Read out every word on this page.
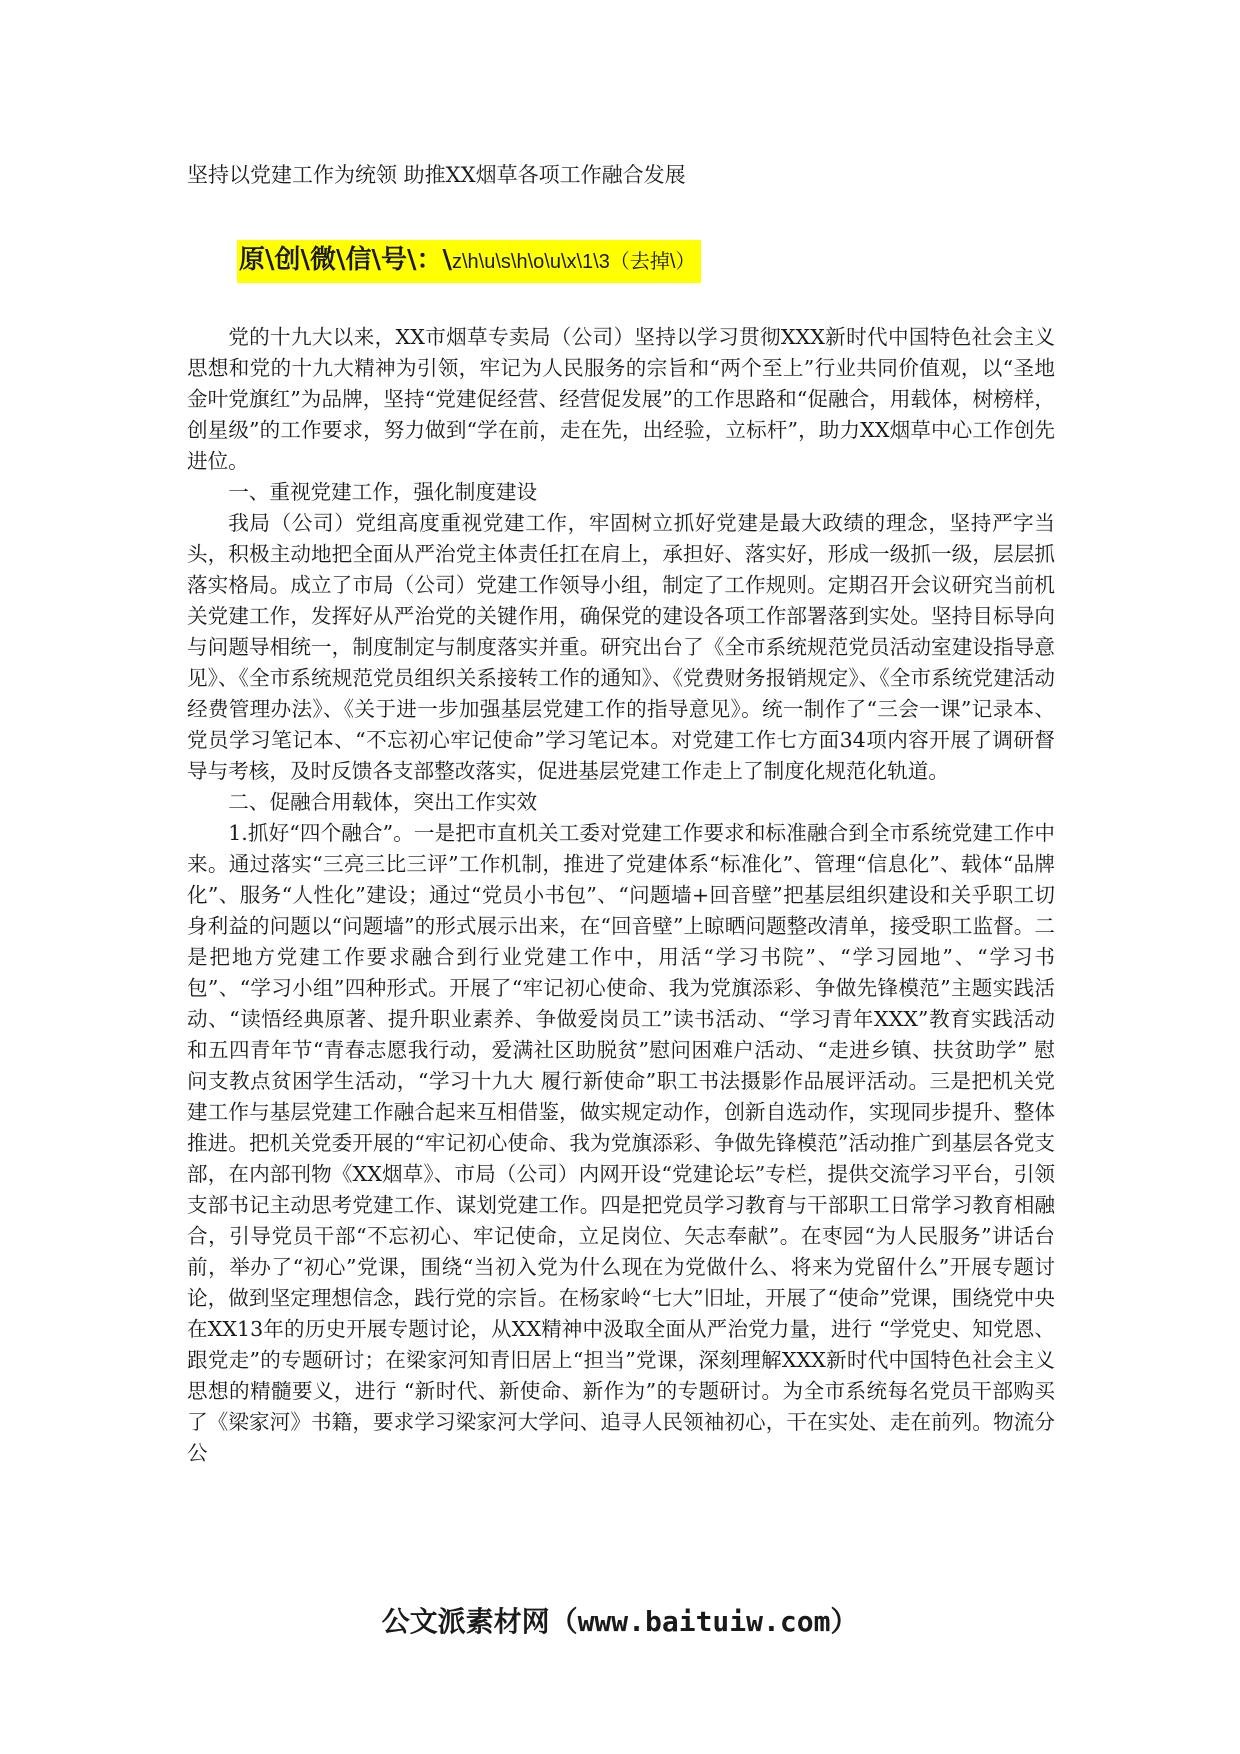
坚持以党建工作为统领 助推XX烟草各项工作融合发展
原\创\微\信\号\：\z\h\u\s\h\o\u\x\1\3（去掉\）

党的十九大以来，XX市烟草专卖局（公司）坚持以学习贯彻XXX新时代中国特色社会主义思想和党的十九大精神为引领，牢记为人民服务的宗旨和“两个至上”行业共同价值观，以“圣地金叶党旗红”为品牌，坚持“党建促经营、经营促发展”的工作思路和“促融合，用载体，树榜样，创星级”的工作要求，努力做到“学在前，走在先，出经验，立标杆”，助力XX烟草中心工作创先进位。

一、重视党建工作，强化制度建设

我局（公司）党组高度重视党建工作，牢固树立抓好党建是最大政绩的理念，坚持严字当头，积极主动地把全面从严治党主体责任扛在肩上，承担好、落实好，形成一级抓一级，层层抓落实格局。成立了市局（公司）党建工作领导小组，制定了工作规则。定期召开会议研究当前机关党建工作，发挥好从严治党的关键作用，确保党的建设各项工作部署落到实处。坚持目标导向与问题导相统一，制度制定与制度落实并重。研究出台了《全市系统规范党员活动室建设指导意见》、《全市系统规范党员组织关系接转工作的通知》、《党费财务报销规定》、《全市系统党建活动经费管理办法》、《关于进一步加强基层党建工作的指导意见》。统一制作了“三会一课”记录本、党员学习笔记本、“不忘初心牢记使命”学习笔记本。对党建工作七方面34项内容开展了调研督导与考核，及时反馈各支部整改落实，促进基层党建工作走上了制度化规范化轨道。

二、促融合用载体，突出工作实效

1.抓好“四个融合”。一是把市直机关工委对党建工作要求和标准融合到全市系统党建工作中来。通过落实“三亮三比三评”工作机制，推进了党建体系“标准化”、管理“信息化”、载体“品牌化”、服务“人性化”建设；通过“党员小书包”、“问题墙+回音壁”把基层组织建设和关乎职工切身利益的问题以“问题墙”的形式展示出来，在“回音壁”上晾晒问题整改清单，接受职工监督。二是把地方党建工作要求融合到行业党建工作中，用活“学习书院”、“学习园地”、“学习书包”、“学习小组”四种形式。开展了“牢记初心使命、我为党旗添彩、争做先锋模范”主题实践活动、“读悟经典原著、提升职业素养、争做爱岗员工”读书活动、“学习青年XXX”教育实践活动和五四青年节“青春志愿我行动，爱满社区助脱贫”慰问困难户活动、“走进乡镇、扶贫助学” 慰问支教点贫困学生活动，“学习十九大 履行新使命”职工书法摄影作品展评活动。三是把机关党建工作与基层党建工作融合起来互相借鉴，做实规定动作，创新自选动作，实现同步提升、整体推进。把机关党委开展的“牢记初心使命、我为党旗添彩、争做先锋模范”活动推广到基层各党支部，在内部刊物《XX烟草》、市局（公司）内网开设“党建论坛”专栏，提供交流学习平台，引领支部书记主动思考党建工作、谋划党建工作。四是把党员学习教育与干部职工日常学习教育相融合，引导党员干部“不忘初心、牢记使命，立足岗位、矢志奉献”。在枣园“为人民服务”讲话台前，举办了“初心”党课，围绕“当初入党为什么现在为党做什么、将来为党留什么”开展专题讨论，做到坚定理想信念，践行党的宗旨。在杨家岭“七大”旧址，开展了“使命”党课，围绕党中央在XX13年的历史开展专题讨论，从XX精神中汲取全面从严治党力量，进行 “学党史、知党恩、跟党走”的专题研讨；在梁家河知青旧居上“担当”党课，深刻理解XXX新时代中国特色社会主义思想的精髓要义，进行 “新时代、新使命、新作为”的专题研讨。为全市系统每名党员干部购买了《梁家河》书籍，要求学习梁家河大学问、追寻人民领袖初心，干在实处、走在前列。物流分公

公文派素材网（www.baituiw.com）
